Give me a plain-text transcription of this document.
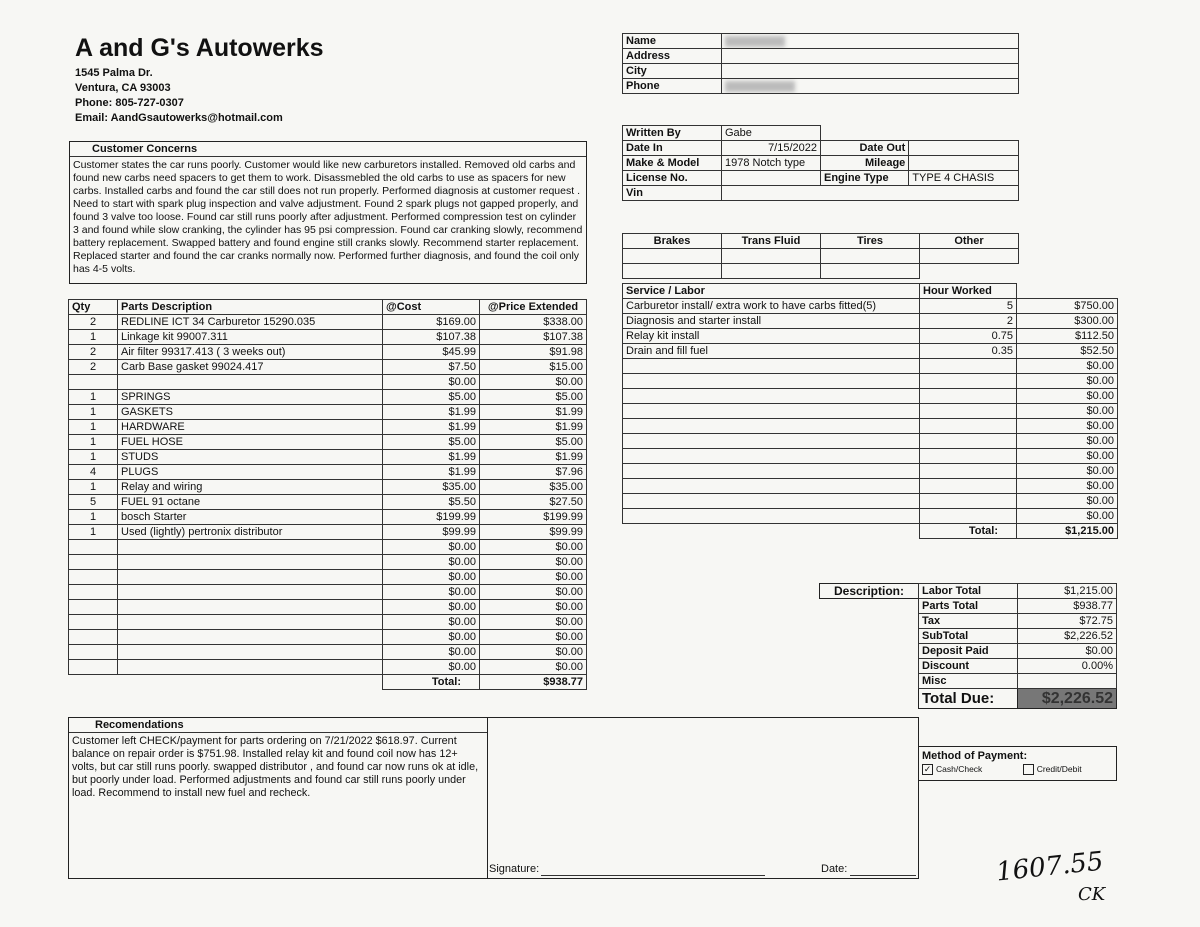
A and G's Autowerks
1545 Palma Dr.
Ventura, CA 93003
Phone: 805-727-0307
Email: AandGsautowerks@hotmail.com
Name	
Address	
City	
Phone	
Written By	Gabe		
Date In	7/15/2022	Date Out	
Make & Model	1978 Notch type	Mileage	
License No.		Engine Type	TYPE 4 CHASIS
Vin			
Customer Concerns
Customer states the car runs poorly. Customer would like new carburetors installed. Removed old carbs and found new carbs need spacers to get them to work. Disassmebled the old carbs to use as spacers for new carbs. Installed carbs and found the car still does not run properly. Performed diagnosis at customer request . Need to start with spark plug inspection and valve adjustment. Found 2 spark plugs not gapped properly, and found 3 valve too loose. Found car still runs poorly after adjustment. Performed compression test on cylinder 3 and found while slow cranking, the cylinder has 95 psi compression. Found car cranking slowly, recommend battery replacement. Swapped battery and found engine still cranks slowly. Recommend starter replacement. Replaced starter and found the car cranks normally now. Performed further diagnosis, and found the coil only has 4-5 volts.
Brakes	Trans Fluid	Tires	Other

Qty	Parts Description	@Cost	@Price Extended
2	REDLINE ICT 34 Carburetor 15290.035	$169.00	$338.00
1	Linkage kit 99007.311	$107.38	$107.38
2	Air filter 99317.413 ( 3 weeks out)	$45.99	$91.98
2	Carb Base gasket 99024.417	$7.50	$15.00
		$0.00	$0.00
1	SPRINGS	$5.00	$5.00
1	GASKETS	$1.99	$1.99
1	HARDWARE	$1.99	$1.99
1	FUEL HOSE	$5.00	$5.00
1	STUDS	$1.99	$1.99
4	PLUGS	$1.99	$7.96
1	Relay and wiring	$35.00	$35.00
5	FUEL 91 octane	$5.50	$27.50
1	bosch Starter	$199.99	$199.99
1	Used (lightly) pertronix distributor	$99.99	$99.99
		$0.00	$0.00
		$0.00	$0.00
		$0.00	$0.00
		$0.00	$0.00
		$0.00	$0.00
		$0.00	$0.00
		$0.00	$0.00
		$0.00	$0.00
		$0.00	$0.00
		Total:	$938.77
Service / Labor	Hour Worked	
Carburetor install/ extra work to have carbs fitted(5)	5	$750.00
Diagnosis and starter install	2	$300.00
Relay kit install	0.75	$112.50
Drain and fill fuel	0.35	$52.50
		$0.00
		$0.00
		$0.00
		$0.00
		$0.00
		$0.00
		$0.00
		$0.00
		$0.00
		$0.00
		$0.00
	Total:	$1,215.00
Description:	Labor Total	$1,215.00
Parts Total	$938.77
Tax	$72.75
SubTotal	$2,226.52
Deposit Paid	$0.00
Discount	0.00%
Misc	
Total Due:	$2,226.52
Recomendations
Customer left CHECK/payment for parts ordering on 7/21/2022 $618.97. Current balance on repair order is $751.98. Installed relay kit and found coil now has 12+ volts, but car still runs poorly. swapped distributor , and found car now runs ok at idle, but poorly under load. Performed adjustments and found car still runs poorly under load. Recommend to install new fuel and recheck.
Signature:	Date:
Method of Payment:
✓ Cash/Check	Credit/Debit
1607.55
CK
